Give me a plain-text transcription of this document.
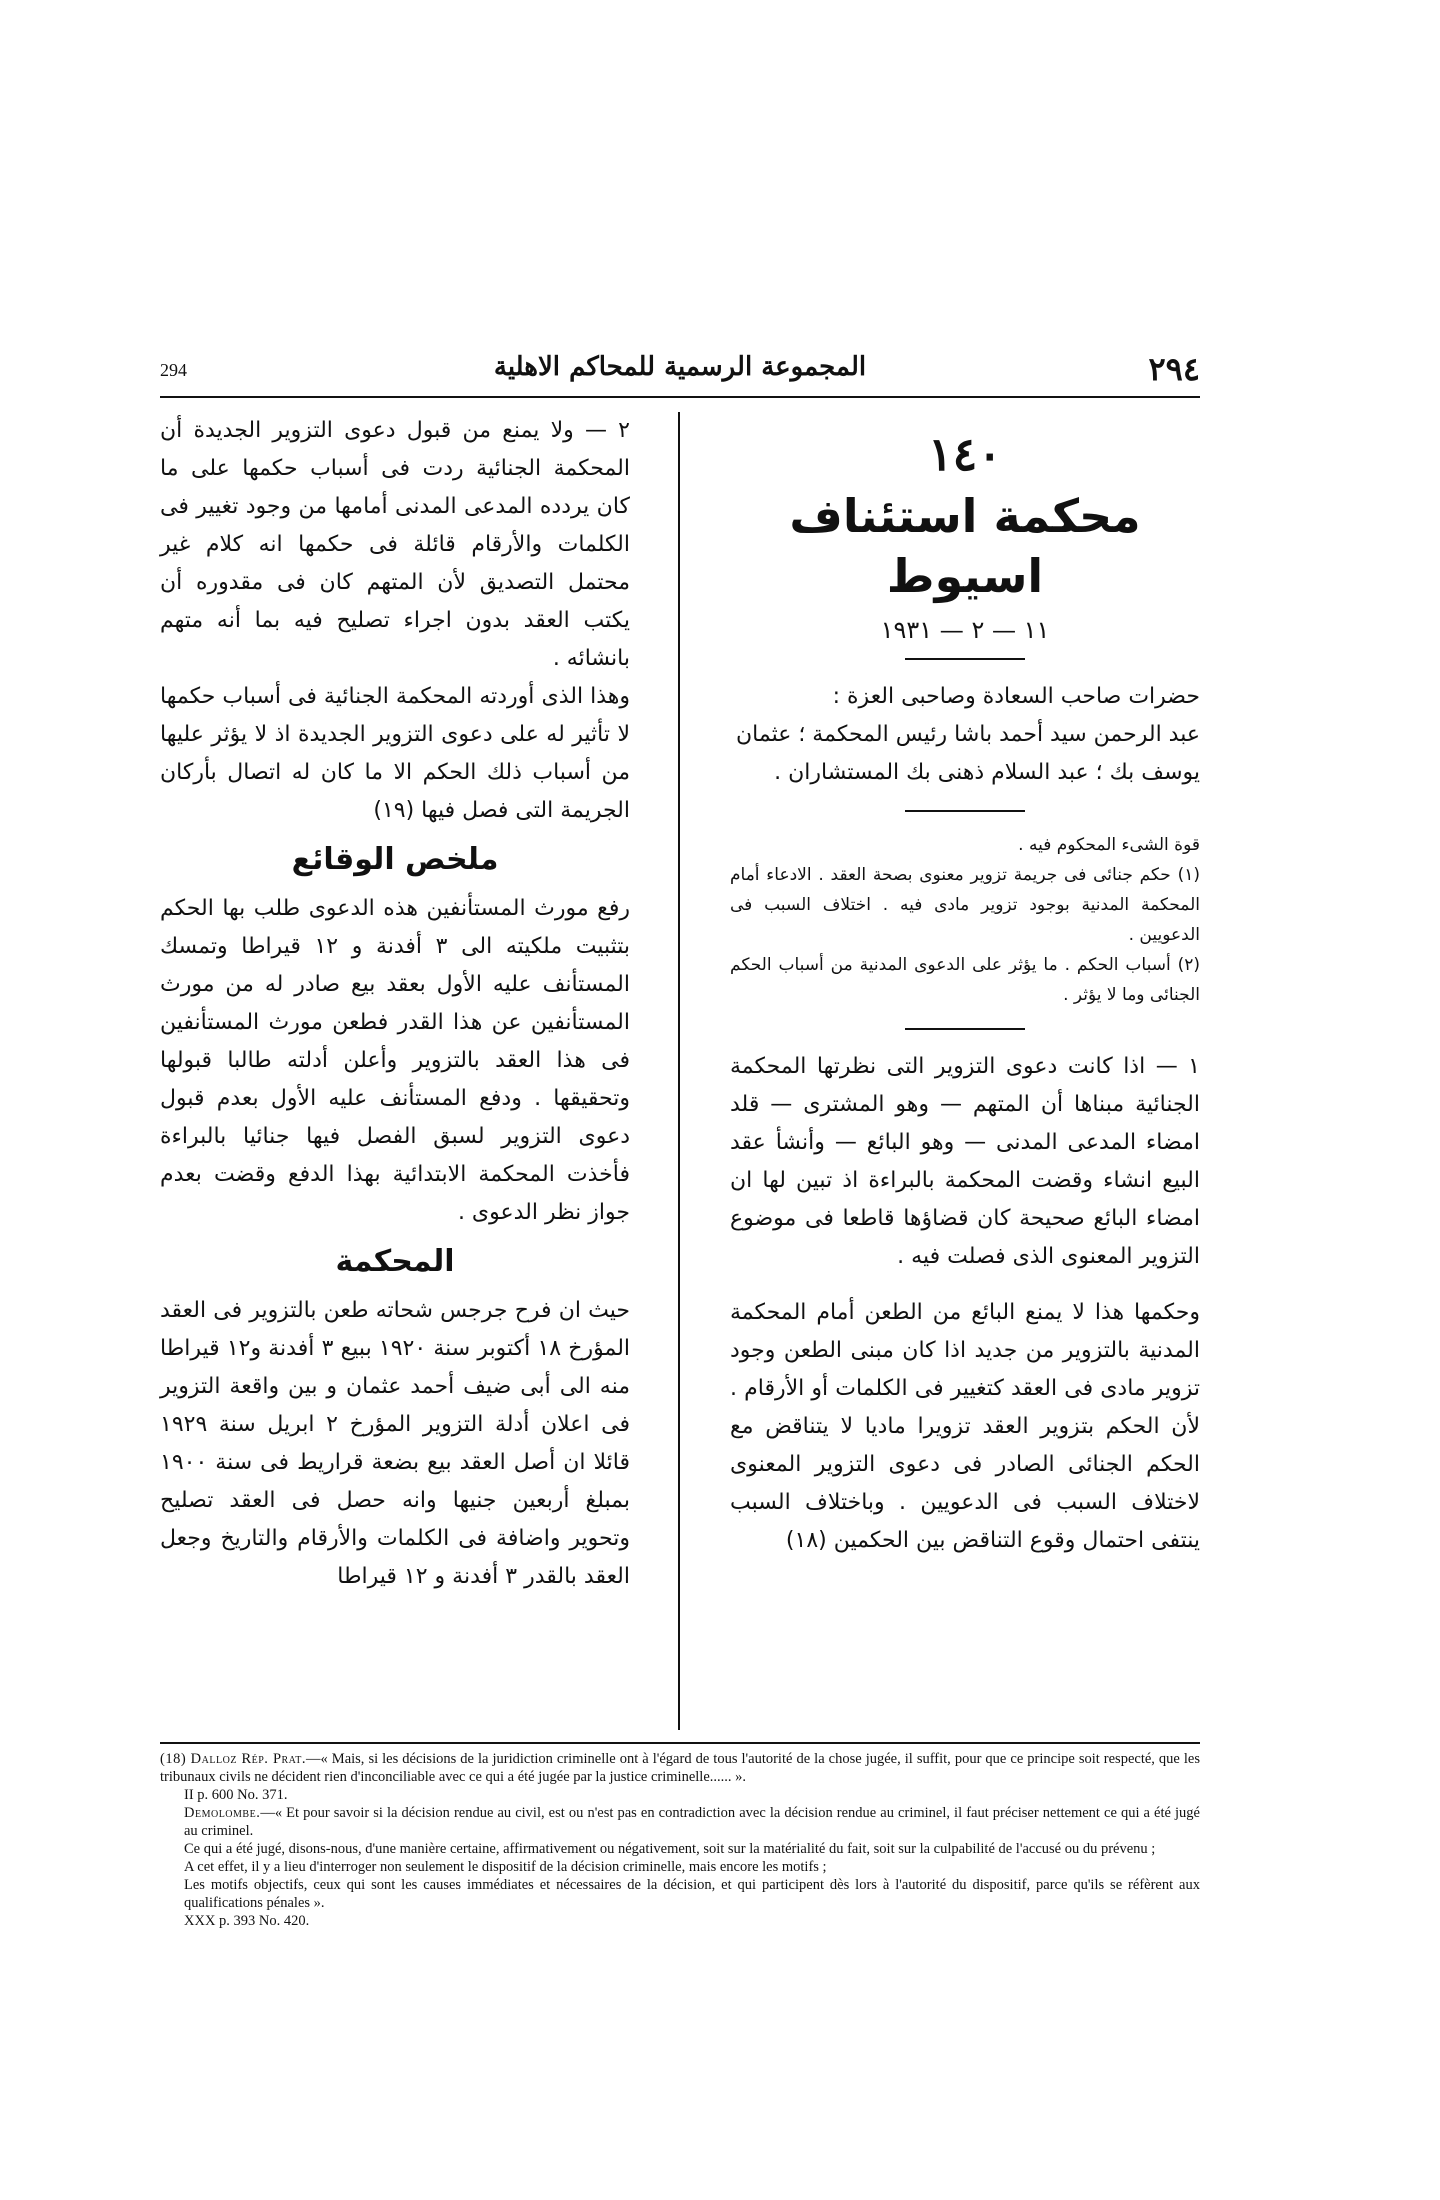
294	المجموعة الرسمية للمحاكم الاهلية	٢٩٤
١٤٠
محكمة استئناف اسيوط
١١ — ٢ — ١٩٣١

حضرات صاحب السعادة وصاحبى العزة :

عبد الرحمن سيد أحمد باشا رئيس المحكمة ؛ عثمان

يوسف بك ؛ عبد السلام ذهنى بك المستشاران .

قوة الشىء المحكوم فيه .

(١) حكم جنائى فى جريمة تزوير معنوى بصحة العقد . الادعاء أمام المحكمة المدنية بوجود تزوير مادى فيه . اختلاف السبب فى الدعويين .

(٢) أسباب الحكم . ما يؤثر على الدعوى المدنية من أسباب الحكم الجنائى وما لا يؤثر .

١ — اذا كانت دعوى التزوير التى نظرتها المحكمة الجنائية مبناها أن المتهم — وهو المشترى — قلد امضاء المدعى المدنى — وهو البائع — وأنشأ عقد البيع انشاء وقضت المحكمة بالبراءة اذ تبين لها ان امضاء البائع صحيحة كان قضاؤها قاطعا فى موضوع التزوير المعنوى الذى فصلت فيه .

وحكمها هذا لا يمنع البائع من الطعن أمام المحكمة المدنية بالتزوير من جديد اذا كان مبنى الطعن وجود تزوير مادى فى العقد كتغيير فى الكلمات أو الأرقام . لأن الحكم بتزوير العقد تزويرا ماديا لا يتناقض مع الحكم الجنائى الصادر فى دعوى التزوير المعنوى لاختلاف السبب فى الدعويين . وباختلاف السبب ينتفى احتمال وقوع التناقض بين الحكمين (١٨)

٢ — ولا يمنع من قبول دعوى التزوير الجديدة أن المحكمة الجنائية ردت فى أسباب حكمها على ما كان يردده المدعى المدنى أمامها من وجود تغيير فى الكلمات والأرقام قائلة فى حكمها انه كلام غير محتمل التصديق لأن المتهم كان فى مقدوره أن يكتب العقد بدون اجراء تصليح فيه بما أنه متهم بانشائه .

وهذا الذى أوردته المحكمة الجنائية فى أسباب حكمها لا تأثير له على دعوى التزوير الجديدة اذ لا يؤثر عليها من أسباب ذلك الحكم الا ما كان له اتصال بأركان الجريمة التى فصل فيها (١٩)

ملخص الوقائع

رفع مورث المستأنفين هذه الدعوى طلب بها الحكم بتثبيت ملكيته الى ٣ أفدنة و ١٢ قيراطا وتمسك المستأنف عليه الأول بعقد بيع صادر له من مورث المستأنفين عن هذا القدر فطعن مورث المستأنفين فى هذا العقد بالتزوير وأعلن أدلته طالبا قبولها وتحقيقها . ودفع المستأنف عليه الأول بعدم قبول دعوى التزوير لسبق الفصل فيها جنائيا بالبراءة فأخذت المحكمة الابتدائية بهذا الدفع وقضت بعدم جواز نظر الدعوى .

المحكمة

حيث ان فرح جرجس شحاته طعن بالتزوير فى العقد المؤرخ ١٨ أكتوبر سنة ١٩٢٠ ببيع ٣ أفدنة و١٢ قيراطا منه الى أبى ضيف أحمد عثمان و بين واقعة التزوير فى اعلان أدلة التزوير المؤرخ ٢ ابريل سنة ١٩٢٩ قائلا ان أصل العقد بيع بضعة قراريط فى سنة ١٩٠٠ بمبلغ أربعين جنيها وانه حصل فى العقد تصليح وتحوير واضافة فى الكلمات والأرقام والتاريخ وجعل العقد بالقدر ٣ أفدنة و ١٢ قيراطا

(18) Dalloz Rép. Prat.—« Mais, si les décisions de la juridiction criminelle ont à l'égard de tous l'autorité de la chose jugée, il suffit, pour que ce principe soit respecté, que les tribunaux civils ne décident rien d'inconciliable avec ce qui a été jugée par la justice criminelle...... ».

II p. 600 No. 371.

Demolombe.—« Et pour savoir si la décision rendue au civil, est ou n'est pas en contradiction avec la décision rendue au criminel, il faut préciser nettement ce qui a été jugé au criminel.

Ce qui a été jugé, disons-nous, d'une manière certaine, affirmativement ou négativement, soit sur la matérialité du fait, soit sur la culpabilité de l'accusé ou du prévenu ;

A cet effet, il y a lieu d'interroger non seulement le dispositif de la décision criminelle, mais encore les motifs ;

Les motifs objectifs, ceux qui sont les causes immédiates et nécessaires de la décision, et qui participent dès lors à l'autorité du dispositif, parce qu'ils se réfèrent aux qualifications pénales ».

XXX p. 393 No. 420.
